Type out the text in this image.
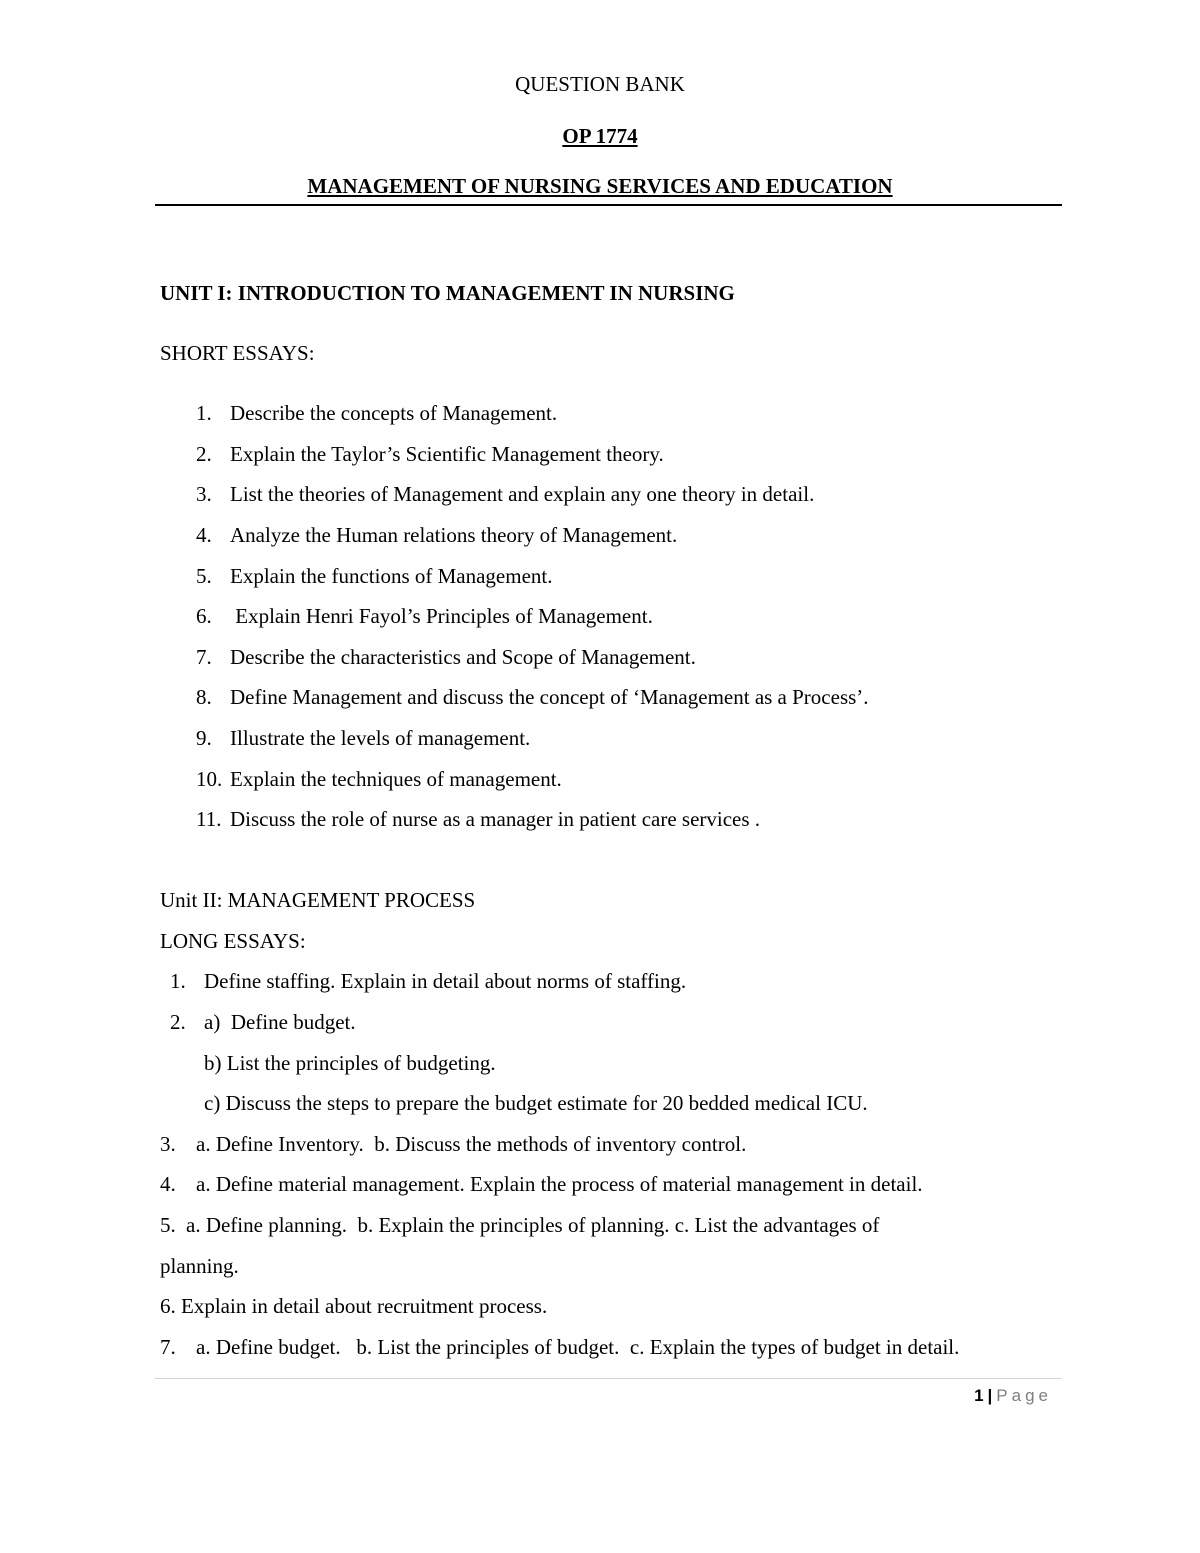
QUESTION BANK
OP 1774
MANAGEMENT OF NURSING SERVICES AND EDUCATION
UNIT I: INTRODUCTION TO MANAGEMENT IN NURSING
SHORT ESSAYS:
1. Describe the concepts of Management.
2. Explain the Taylor’s Scientific Management theory.
3. List the theories of Management and explain any one theory in detail.
4. Analyze the Human relations theory of Management.
5. Explain the functions of Management.
6. Explain Henri Fayol’s Principles of Management.
7. Describe the characteristics and Scope of Management.
8. Define Management and discuss the concept of ‘Management as a Process’.
9. Illustrate the levels of management.
10. Explain the techniques of management.
11. Discuss the role of nurse as a manager in patient care services .
Unit II: MANAGEMENT PROCESS
LONG ESSAYS:
1. Define staffing. Explain in detail about norms of staffing.
2. a)  Define budget.
b) List the principles of budgeting.
c) Discuss the steps to prepare the budget estimate for 20 bedded medical ICU.
3. a. Define Inventory.  b. Discuss the methods of inventory control.
4. a. Define material management. Explain the process of material management in detail.
5. a. Define planning.  b. Explain the principles of planning. c. List the advantages of
planning.
6. Explain in detail about recruitment process.
7. a. Define budget.   b. List the principles of budget.  c. Explain the types of budget in detail.
1 | Page
